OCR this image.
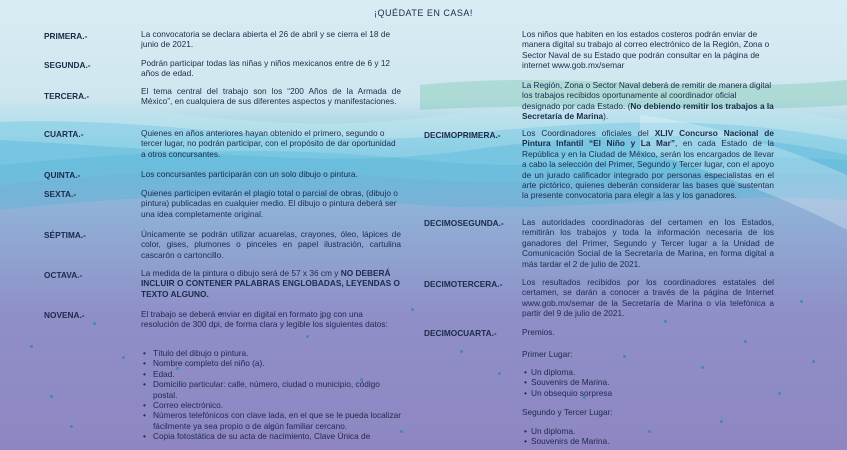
¡QUÉDATE EN CASA!
PRIMERA.-	La convocatoria se declara abierta el 26 de abril y se cierra el 18 de junio de 2021.
SEGUNDA.-	Podrán participar todas las niñas y niños mexicanos entre de 6 y 12 años de edad.
TERCERA.-	El tema central del trabajo son los “200 Años de la Armada de México”, en cualquiera de sus diferentes aspectos y manifestaciones.
CUARTA.-	Quienes en años anteriores hayan obtenido el primero, segundo o tercer lugar, no podrán participar, con el propósito de dar oportunidad a otros concursantes.
QUINTA.-	Los concursantes participarán con un solo dibujo o pintura.
SEXTA.-	Quienes participen evitarán el plagio total o parcial de obras, (dibujo o pintura) publicadas en cualquier medio. El dibujo o pintura deberá ser una idea completamente original.
SÉPTIMA.-	Únicamente se podrán utilizar acuarelas, crayones, óleo, lápices de color, gises, plumones o pinceles en papel ilustración, cartulina cascarón o cartoncillo.
OCTAVA.-	La medida de la pintura o dibujo será de 57 x 36 cm y NO DEBERÁ INCLUIR O CONTENER PALABRAS ENGLOBADAS, LEYENDAS O TEXTO ALGUNO.
NOVENA.-	El trabajo se deberá enviar en digital en formato jpg con una resolución de 300 dpi, de forma clara y legible los siguientes datos:
• Título del dibujo o pintura.
• Nombre completo del niño (a).
• Edad.
• Domicilio particular: calle, número, ciudad o municipio, código postal.
• Correo electrónico.
• Números telefónicos con clave lada, en el que se le pueda localizar fácilmente ya sea propio o de algún familiar cercano.
• Copia fotostática de su acta de nacimiento, Clave Única de
Los niños que habiten en los estados costeros podrán enviar de manera digital su trabajo al correo electrónico de la Región, Zona o Sector Naval de su Estado que podrán consultar en la página de internet www.gob.mx/semar
La Región, Zona o Sector Naval deberá de remitir de manera digital los trabajos recibidos oportunamente al coordinador oficial designado por cada Estado. (No debiendo remitir los trabajos a la Secretaría de Marina).
DECIMOPRIMERA.-	Los Coordinadores oficiales del XLIV Concurso Nacional de Pintura Infantil “El Niño y La Mar”, en cada Estado de la República y en la Ciudad de México, serán los encargados de llevar a cabo la selección del Primer, Segundo y Tercer lugar, con el apoyo de un jurado calificador integrado por personas especialistas en el arte pictórico, quienes deberán considerar las bases que sustentan la presente convocatoria para elegir a las y los ganadores.
DECIMOSEGUNDA.- Las autoridades coordinadoras del certamen en los Estados, remitirán los trabajos y toda la información necesaria de los ganadores del Primer, Segundo y Tercer lugar a la Unidad de Comunicación Social de la Secretaría de Marina, en forma digital a más tardar el 2 de julio de 2021.
DECIMOTERCERA.- Los resultados recibidos por los coordinadores estatales del certamen, se darán a conocer a través de la página de Internet www.gob.mx/semar de la Secretaría de Marina o vía telefónica a partir del 9 de julio de 2021.
DECIMOCUARTA.-	Premios.
Primer Lugar:
• Un diploma.
• Souvenirs de Marina.
• Un obsequio sorpresa
Segundo y Tercer Lugar:
• Un diploma.
• Souvenirs de Marina.
